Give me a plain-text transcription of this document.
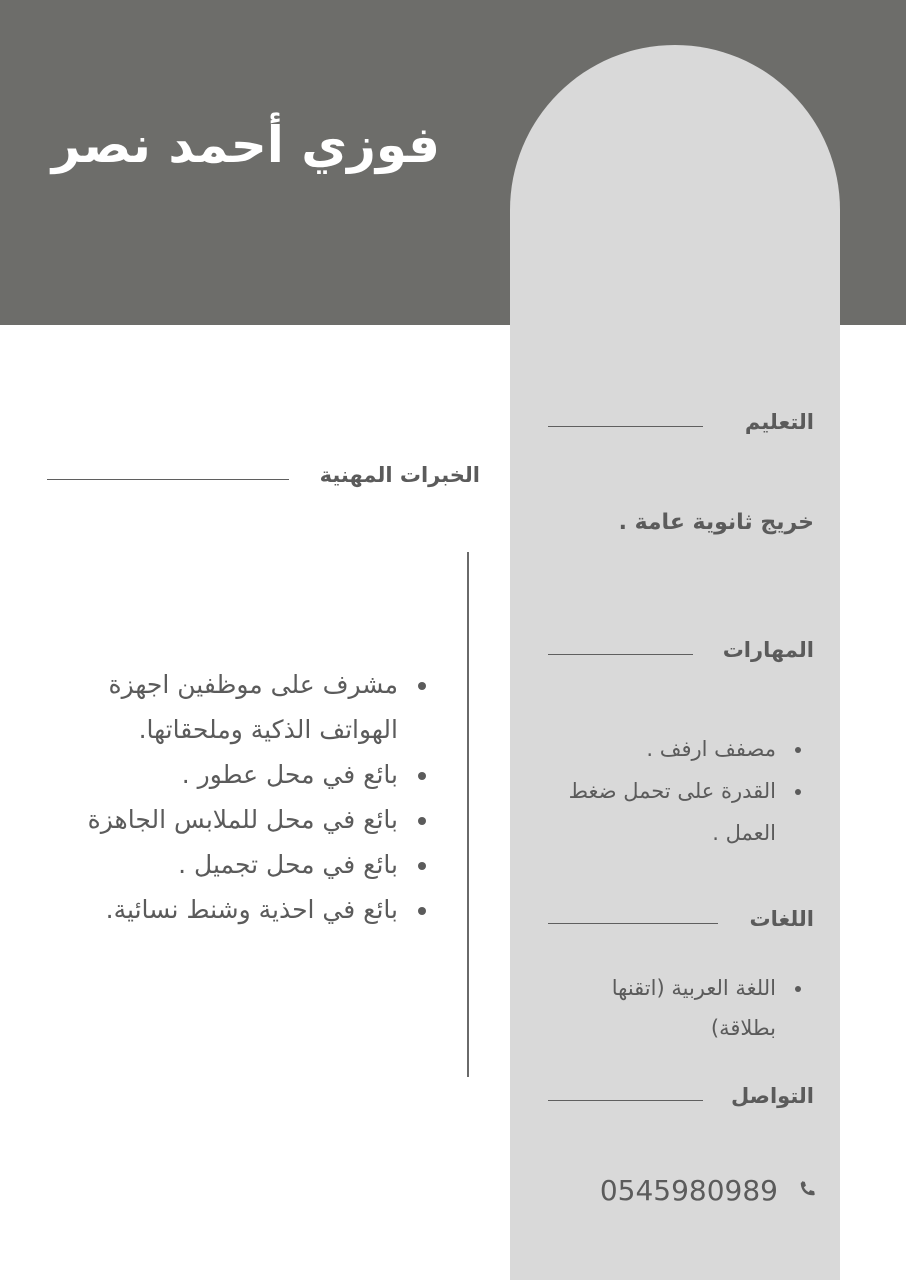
فوزي أحمد نصر
التعليم

خريج ثانوية عامة .

المهارات
• مصفف ارفف .
• القدرة على تحمل ضغط العمل .
اللغات
• اللغة العربية (اتقنها بطلاقة)
التواصل
0545980989
الخبرات المهنية
• مشرف على موظفين اجهزة الهواتف الذكية وملحقاتها.
• بائع في محل عطور .
• بائع في محل للملابس الجاهزة
• بائع في محل تجميل .
• بائع في احذية وشنط نسائية.
